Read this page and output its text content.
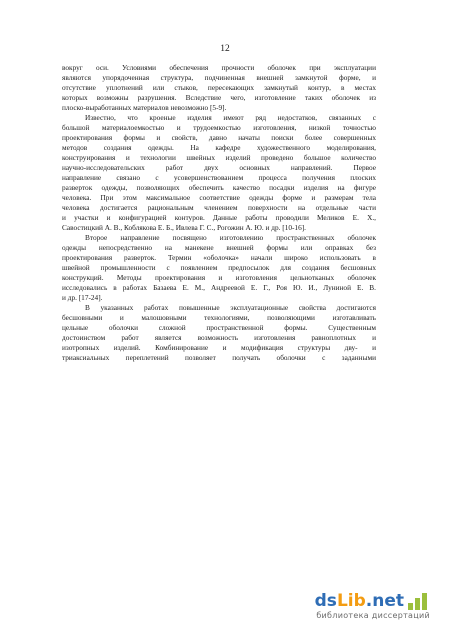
12
вокруг оси. Условиями обеспечения прочности оболочек при эксплуатации
являются упорядоченная структура, подчиненная внешней замкнутой форме, и
отсутствие уплотнений или стыков, пересекающих замкнутый контур, в местах
которых возможны разрушения. Вследствие чего, изготовление таких оболочек из
плоско-выработанных материалов невозможно [5-9].
Известно, что кроеные изделия имеют ряд недостатков, связанных с
большой материалоемкостью и трудоемкостью изготовления, низкой точностью
проектирования формы и свойств, давно начаты поиски более совершенных
методов создания одежды. На кафедре художественного моделирования,
конструирования и технологии швейных изделий проведено большое количество
научно-исследовательских работ двух основных направлений. Первое
направление связано с усовершенствованием процесса получения плоских
разверток одежды, позволяющих обеспечить качество посадки изделия на фигуре
человека. При этом максимальное соответствие одежды форме и размерам тела
человека достигается рациональным членением поверхности на отдельные части
и участки и конфигурацией контуров. Данные работы проводили Меликов Е. Х.,
Савостицкий А. В., Коблякова Е. Б., Ивлева Г. С., Рогожин А. Ю. и др. [10-16].
Второе направление посвящено изготовлению пространственных оболочек
одежды непосредственно на манекене внешней формы или оправках без
проектирования разверток. Термин «оболочка» начали широко использовать в
швейной промышленности с появлением предпосылок для создания бесшовных
конструкций. Методы проектирования и изготовления цельнотканых оболочек
исследовались в работах Базаева Е. М., Андреевой Е. Г., Роя Ю. И., Луниной Е. В.
и др. [17-24].
В указанных работах повышенные эксплуатационные свойства достигаются
бесшовными и малошовными технологиями, позволяющими изготавливать
цельные оболочки сложной пространственной формы. Существенным
достоинством работ является возможность изготовления равноплотных и
изотропных изделий. Комбинирование и модификация структуры дву- и
триаксиальных переплетений позволяет получать оболочки с заданными
ds Lib .net
библиотека диссертаций
